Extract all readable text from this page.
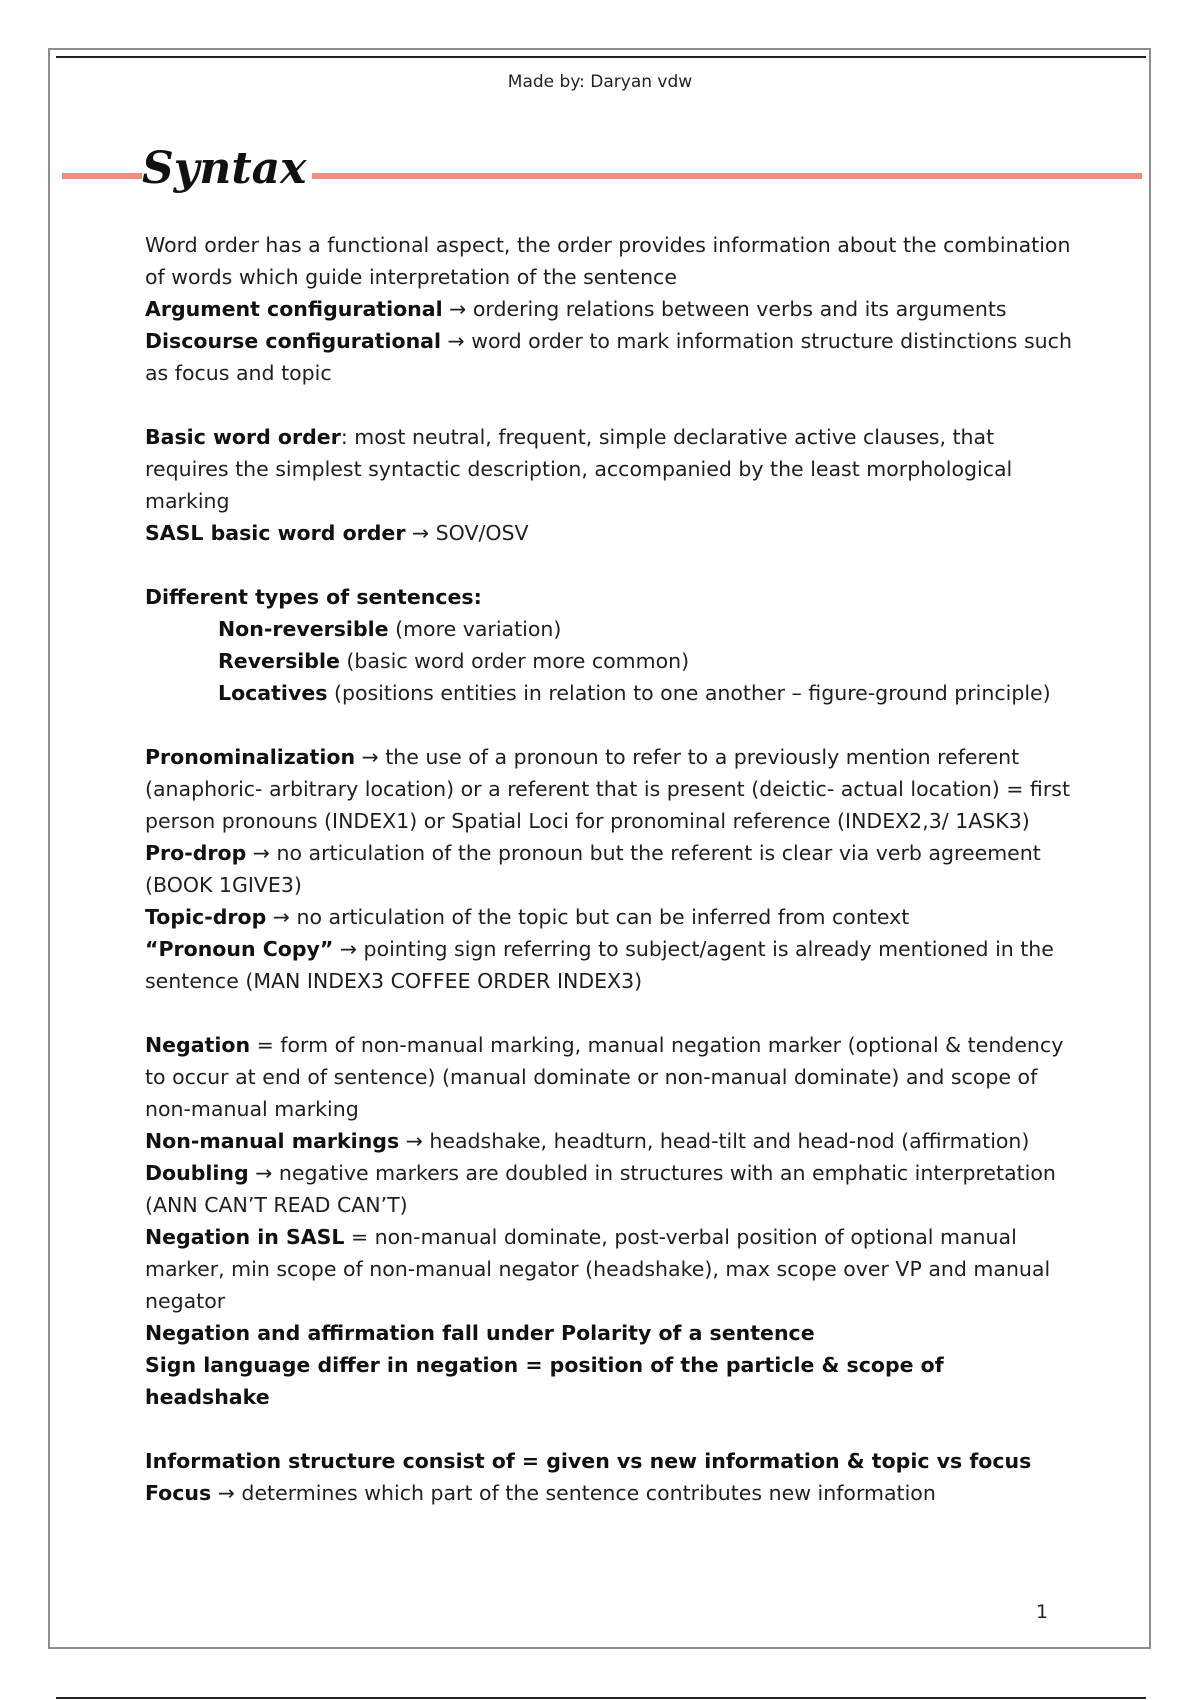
Made by: Daryan vdw
Syntax

Word order has a functional aspect, the order provides information about the combination of words which guide interpretation of the sentence

Argument configurational → ordering relations between verbs and its arguments

Discourse configurational → word order to mark information structure distinctions such as focus and topic

Basic word order: most neutral, frequent, simple declarative active clauses, that requires the simplest syntactic description, accompanied by the least morphological marking

SASL basic word order → SOV/OSV

Different types of sentences:

Non-reversible (more variation)

Reversible (basic word order more common)

Locatives (positions entities in relation to one another – figure-ground principle)

Pronominalization → the use of a pronoun to refer to a previously mention referent (anaphoric- arbitrary location) or a referent that is present (deictic- actual location) = first person pronouns (INDEX1) or Spatial Loci for pronominal reference (INDEX2,3/ 1ASK3)

Pro-drop → no articulation of the pronoun but the referent is clear via verb agreement (BOOK 1GIVE3)

Topic-drop → no articulation of the topic but can be inferred from context

“Pronoun Copy” → pointing sign referring to subject/agent is already mentioned in the sentence (MAN INDEX3 COFFEE ORDER INDEX3)

Negation = form of non-manual marking, manual negation marker (optional & tendency to occur at end of sentence) (manual dominate or non-manual dominate) and scope of non-manual marking

Non-manual markings → headshake, headturn, head-tilt and head-nod (affirmation)

Doubling → negative markers are doubled in structures with an emphatic interpretation (ANN CAN’T READ CAN’T)

Negation in SASL = non-manual dominate, post-verbal position of optional manual marker, min scope of non-manual negator (headshake), max scope over VP and manual negator

Negation and affirmation fall under Polarity of a sentence

Sign language differ in negation = position of the particle & scope of headshake

Information structure consist of = given vs new information & topic vs focus

Focus → determines which part of the sentence contributes new information

1
